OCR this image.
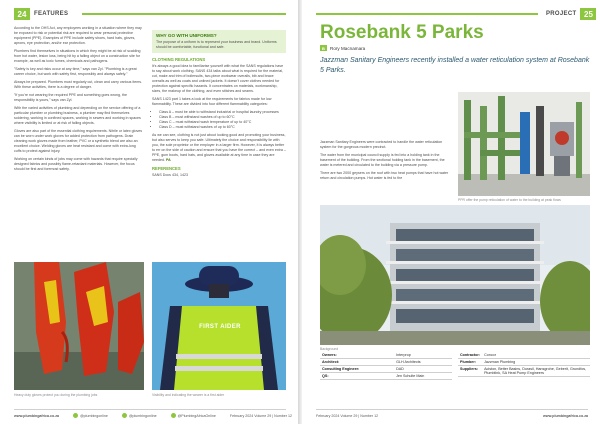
24	FEATURES

According to the OHS Act, any employees working in a situation where they may be exposed to risk or potential risk are required to wear personal protective equipment (PPE). Examples of PPE include safety shoes, hard hats, gloves, aprons, eye protection, and/or ear protection.

Plumbers find themselves in situations in which they might be at risk of scalding from hot water, lesion loss, being hit by a falling object on a construction site for example, as well as toxic fumes, chemicals and pathogens.

"Safety is key and risks occur at any time," says van Zyl. "Plumbing is a great career choice, but work with safety first, responsibly and always safely."

Always be prepared. Plumbers must regularly cut, clean and carry various items. With these activities, there is a degree of danger.

"If you're not wearing the required PPE and something goes wrong, the responsibility is yours," says van Zyl.

With the varied activities of plumbing and depending on the service offering of a particular plumber or plumbing business, a plumber may find themselves soldering, working in confined spaces, working in sewers and working in spaces where visibility is limited or at risk of falling objects.

Gloves are also part of the essential clothing requirements. Nitrile or latex gloves can be worn under work gloves for added protection from pathogens. Drain cleaning work gloves made from leather, PVC or a synthetic blend are also an excellent choice. Welding gloves are heat resistant and come with extra-long cuffs to protect against injury.

Working on certain kinds of jobs may come with hazards that require specially designed fabrics and possibly flame-retardant materials. However, the focus should be first and foremost safety.

WHY GO WITH UNIFORMS?
The purpose of a uniform is to represent your business and brand. Uniforms should be comfortable, functional and safe.
CLOTHING REGULATIONS

It's always a good idea to familiarise yourself with what the SANS regulations have to say about work clothing. SANS 434 talks about what is required for the material, cut, make and trim of boilersuits, two-piece workwear overalls, bib and brace overalls as well as coats and unlined jackets. It doesn't cover clothes needed for protection against specific hazards. It concentrates on materials, workmanship, sizes, the makeup of the clothing, and even stitches and seams.

SANS 1423 part 1 takes a look at the requirements for fabrics made for low flammability. These are divided into four different flammability categories:

• Class A – must be able to withstand industrial or hospital laundry processes
• Class B – must withstand washes of up to 60°C
• Class C – must withstand wash temperature of up to 40°C
• Class D – must withstand washes of up to 60°C

As we can see, clothing is not just about looking good and promoting your business, but also serves to keep you safe. Ultimately the choice and responsibility lie with you, the sole proprietor or the employer in a larger firm. However, it is always better to err on the side of caution and ensure that you have the correct – and even extra – PPE, gum boots, hard hats, and gloves available at any time in case they are needed. PA

REFERENCES

SANS Docs 434, 1423

Heavy duty gloves protect you during the plumbing jobs
FIRST AIDER
Visibility and indicating the wearer is a first aider
www.plumbingafrica.co.za	@plumbingonline	@plumbingonline	@PlumbingAfricaOnline	February 2024 Volume 29 | Number 12
PROJECT 25
Rosebank 5 Parks
B	Rory Macnamara
Jazzman Sanitary Engineers recently installed a water reticulation system at Rosebank 5 Parks.

Jazzman Sanitary Engineers were contracted to handle the water reticulation system for the gorgeous modern precinct.

The water from the municipal council supply is fed into a holding tank in the basement of the building. From the sectional holding tank in the basement, the water is metered and circulated to the building via a pressure pump.

There are two 2000 geysers on the roof with two heat pumps that have hot water return and circulation pumps. Hot water is fed to the

PPR offer the pump reticulation of water to the building at peak flows
Background
Owners:	Interprop
Architect:	GLH Architects
Consulting Engineer:	DAD
QS:	Jen Schulte Main
Contractor:	Concor
Plumber:	Jazzman Plumbing
Suppliers:	Aciston, Better Basins, Durasil, Hansgrohe, Geberit, Grundfos, Plumblink, SA Heat Pump Engineers
February 2024 Volume 29 | Number 12	www.plumbingafrica.co.za
